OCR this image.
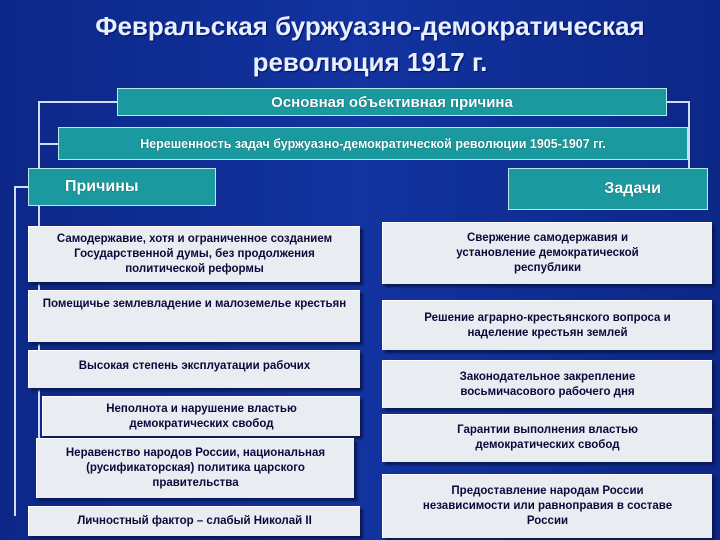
Февральская буржуазно-демократическая
революция 1917 г.
Основная объективная причина
Нерешенность задач буржуазно-демократической революции 1905-1907 гг.
Причины	Задачи
Самодержавие, хотя и ограниченное созданием Государственной думы, без продолжения политической реформы
Помещичье землевладение и малоземелье крестьян
Высокая степень эксплуатации рабочих
Неполнота и нарушение властью демократических свобод
Неравенство народов России, национальная (русификаторская) политика царского правительства
Личностный фактор – слабый Николай II
Свержение самодержавия и установление демократической республики
Решение аграрно-крестьянского вопроса и наделение крестьян землей
Законодательное закрепление восьмичасового рабочего дня
Гарантии выполнения властью демократических свобод
Предоставление народам России независимости или равноправия в составе России
